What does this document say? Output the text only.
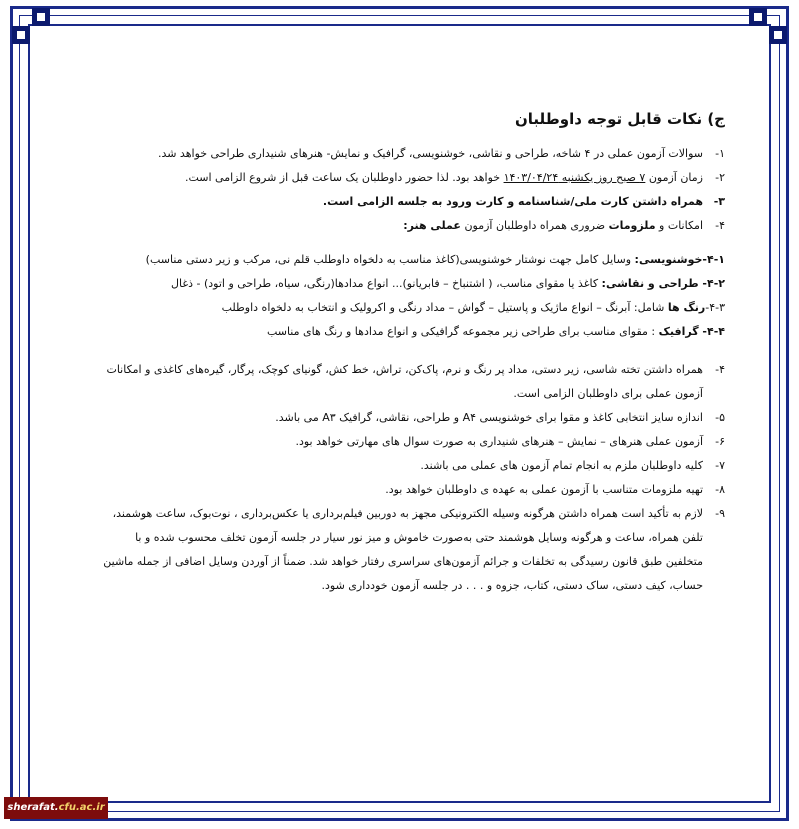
ج) نکات قابل توجه داوطلبان
۱-
سوالات آزمون عملی در ۴ شاخه، طراحی و نقاشی، خوشنویسی، گرافیک و نمایش- هنرهای شنیداری طراحی خواهد شد.
۲-
زمان آزمون ۷ صبح روز یکشنبه ۱۴۰۳/۰۴/۲۴ خواهد بود. لذا حضور داوطلبان یک ساعت قبل از شروع الزامی است.
۳-
همراه داشتن کارت ملی/شناسنامه و کارت ورود به جلسه الزامی است.
۴-
امکانات و ملزومات ضروری همراه داوطلبان آزمون عملی هنر:
۴-۱-خوشنویسی: وسایل کامل جهت نوشتار خوشنویسی(کاغذ مناسب به دلخواه داوطلب قلم نی، مرکب و زیر دستی مناسب)
۴-۲- طراحی و نقاشی: کاغذ یا مقوای مناسب، ( اشتنباخ – فابریانو)... انواع مدادها(رنگی، سیاه، طراحی و اتود) - ذغال
۴-۳-رنگ ها شامل: آبرنگ – انواع ماژیک و پاستیل – گواش – مداد رنگی و اکرولیک و انتخاب به دلخواه داوطلب
۴-۴- گرافیک : مقوای مناسب برای طراحی زیر مجموعه گرافیکی و انواع مدادها و رنگ های مناسب
۴-
همراه داشتن تخته شاسی، زیر دستی، مداد پر رنگ و نرم، پاک‌کن، تراش، خط کش، گونیای کوچک، پرگار، گیره‌های کاغذی و امکانات آزمون عملی برای داوطلبان الزامی است.
۵-
اندازه سایز انتخابی کاغذ و مقوا برای خوشنویسی A۴ و طراحی، نقاشی، گرافیک A۳ می باشد.
۶-
آزمون عملی هنرهای – نمایش – هنرهای شنیداری به صورت سوال های مهارتی خواهد بود.
۷-
کلیه داوطلبان ملزم به انجام تمام آزمون های عملی می باشند.
۸-
تهیه ملزومات متناسب با آزمون عملی به عهده ی داوطلبان خواهد بود.
۹-
لازم به تأکید است همراه داشتن هرگونه وسیله الکترونیکی مجهز به دوربین فیلم‌برداری یا عکس‌برداری ، نوت‌بوک، ساعت هوشمند، تلفن همراه، ساعت و هرگونه وسایل هوشمند حتی به‌صورت خاموش و میز نور سیار در جلسه آزمون تخلف محسوب شده و با متخلفین طبق قانون رسیدگی به تخلفات و جرائم آزمون‌های سراسری رفتار خواهد شد. ضمناً از آوردن وسایل اضافی از جمله ماشین حساب، کیف دستی، ساک دستی، کتاب، جزوه و . . . در جلسه آزمون خودداری شود.
sherafat.cfu.ac.ir
